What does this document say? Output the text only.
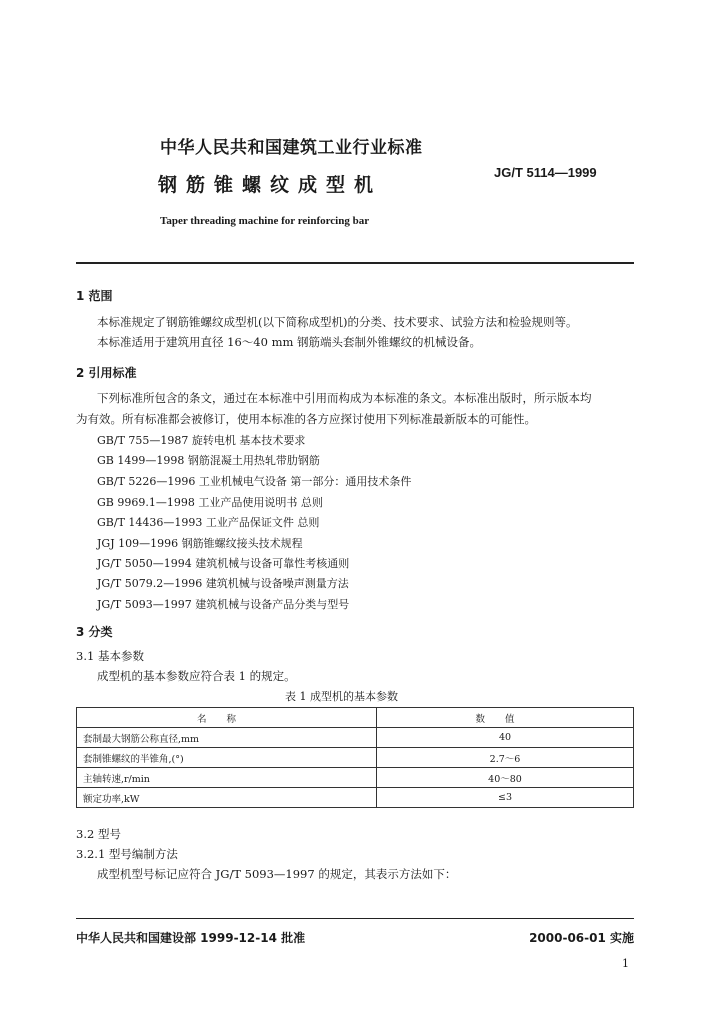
中华人民共和国建筑工业行业标准
钢筋锥螺纹成型机
JG/T 5114—1999
Taper threading machine for reinforcing bar
1 范围
本标准规定了钢筋锥螺纹成型机(以下简称成型机)的分类、技术要求、试验方法和检验规则等。
本标准适用于建筑用直径 16～40 mm 钢筋端头套制外锥螺纹的机械设备。
2 引用标准
下列标准所包含的条文，通过在本标准中引用而构成为本标准的条文。本标准出版时，所示版本均
为有效。所有标准都会被修订，使用本标准的各方应探讨使用下列标准最新版本的可能性。
GB/T 755—1987 旋转电机 基本技术要求
GB 1499—1998 钢筋混凝土用热轧带肋钢筋
GB/T 5226—1996 工业机械电气设备 第一部分：通用技术条件
GB 9969.1—1998 工业产品使用说明书 总则
GB/T 14436—1993 工业产品保证文件 总则
JGJ 109—1996 钢筋锥螺纹接头技术规程
JG/T 5050—1994 建筑机械与设备可靠性考核通则
JG/T 5079.2—1996 建筑机械与设备噪声测量方法
JG/T 5093—1997 建筑机械与设备产品分类与型号
3 分类
3.1 基本参数
成型机的基本参数应符合表 1 的规定。
表 1 成型机的基本参数
名称	数值
套制最大钢筋公称直径,mm	40
套制锥螺纹的半锥角,(°)	2.7～6
主轴转速,r/min	40～80
额定功率,kW	≤3
3.2 型号
3.2.1 型号编制方法
成型机型号标记应符合 JG/T 5093—1997 的规定，其表示方法如下：
中华人民共和国建设部 1999-12-14 批准	2000-06-01 实施
1
